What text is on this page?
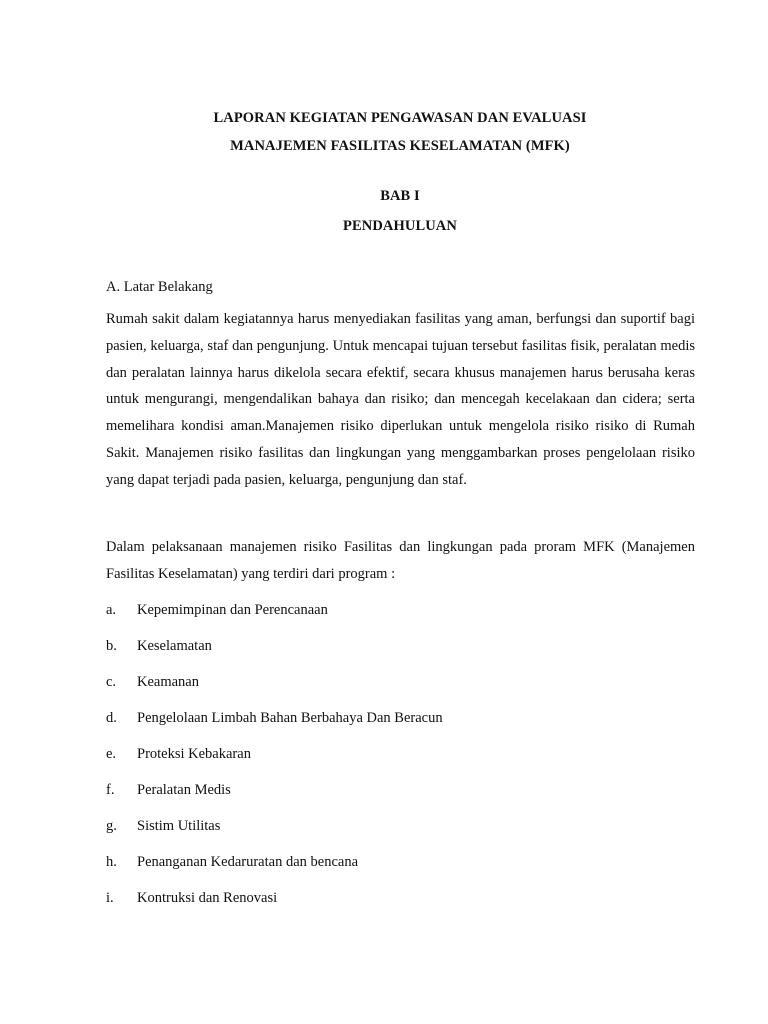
LAPORAN KEGIATAN PENGAWASAN DAN EVALUASI
MANAJEMEN FASILITAS KESELAMATAN (MFK)
BAB I
PENDAHULUAN
A. Latar Belakang

Rumah sakit dalam kegiatannya harus menyediakan fasilitas yang aman, berfungsi dan suportif bagi pasien, keluarga, staf dan pengunjung. Untuk mencapai tujuan tersebut fasilitas fisik, peralatan medis dan peralatan lainnya harus dikelola secara efektif, secara khusus manajemen harus berusaha keras untuk mengurangi, mengendalikan bahaya dan risiko; dan mencegah kecelakaan dan cidera; serta memelihara kondisi aman.Manajemen risiko diperlukan untuk mengelola risiko risiko di Rumah Sakit. Manajemen risiko fasilitas dan lingkungan yang menggambarkan proses pengelolaan risiko yang dapat terjadi pada pasien, keluarga, pengunjung dan staf.

Dalam pelaksanaan manajemen risiko Fasilitas dan lingkungan pada proram MFK (Manajemen Fasilitas Keselamatan) yang terdiri dari program :

a.	Kepemimpinan dan Perencanaan
b.	Keselamatan
c.	Keamanan
d.	Pengelolaan Limbah Bahan Berbahaya Dan Beracun
e.	Proteksi Kebakaran
f.	Peralatan Medis
g.	Sistim Utilitas
h.	Penanganan Kedaruratan dan bencana
i.	Kontruksi dan Renovasi
